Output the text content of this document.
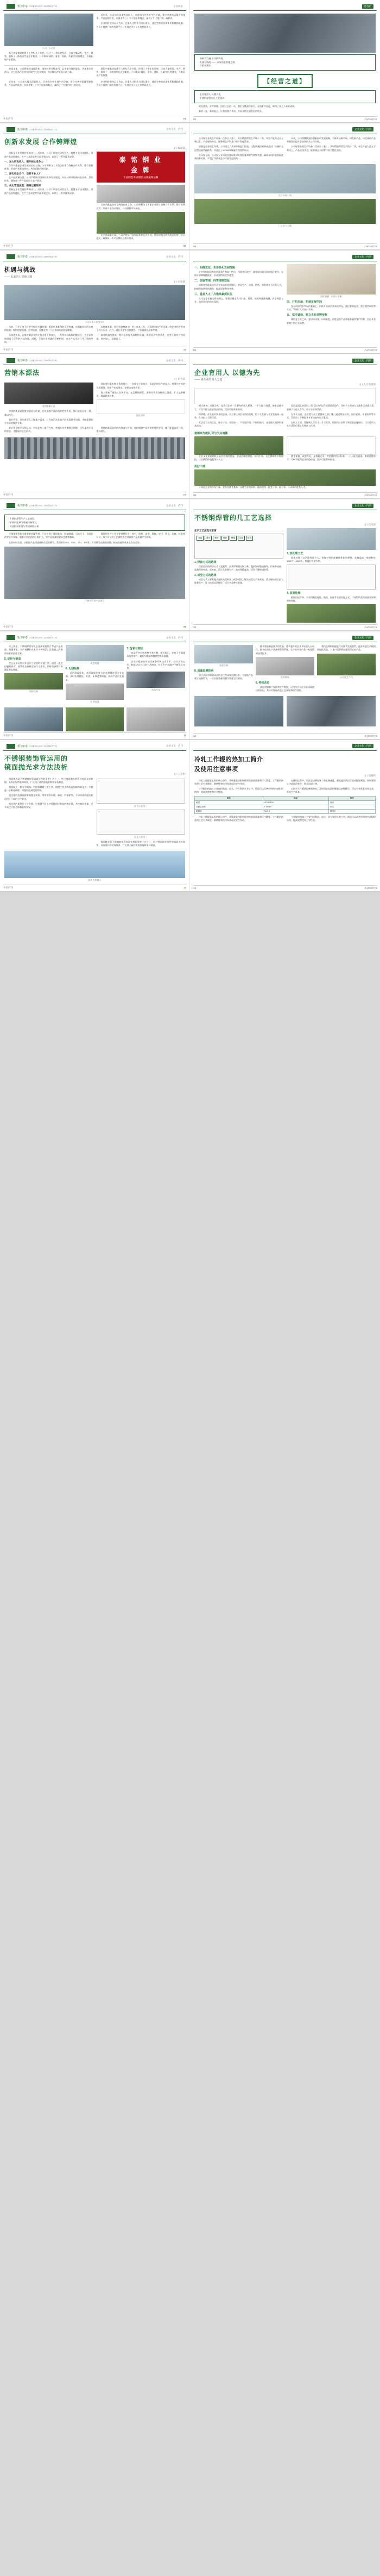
浙江中泰 ZHEJIANG ZHONGTAI	企业风采
公司厂区全景

浙江中泰集团始建于上世纪九十年代，经过二十余年的发展，已成为集研发、生产、销售、服务于一体的现代化企业集团。公司秉承“诚信、务实、创新、共赢”的经营理念，不断拓展产业版图。

近年来，公司加大技术改造投入，引进国内外先进生产设备，建立完善的质量管理体系，产品远销欧美、东南亚等三十多个国家和地区，赢得了广大客户的一致好评。

企业始终坚持以人为本，注重人才培养与团队建设，通过完善的培训体系和激励机制，为员工提供广阔的发展平台，实现企业与员工的共同成长。

展望未来，公司将继续深化改革，加快转型升级步伐，以更加开放的姿态、更加务实的作风，全力打造行业领先的现代化企业集团，为区域经济发展贡献力量。

浙江中泰集团始建于上世纪九十年代，经过二十余年的发展，已成为集研发、生产、销售、服务于一体的现代化企业集团。公司秉承“诚信、务实、创新、共赢”的经营理念，不断拓展产业版图。

近年来，公司加大技术改造投入，引进国内外先进生产设备，建立完善的质量管理体系，产品远销欧美、东南亚等三十多个国家和地区，赢得了广大客户的一致好评。

企业始终坚持以人为本，注重人才培养与团队建设，通过完善的培训体系和激励机制，为员工提供广阔的发展平台，实现企业与员工的共同成长。

中泰内刊	01
卷首语
· 创新求发展 合作铸辉煌
· 机遇与挑战 —— 未来的七彩地之路
· 营销本源法
【经营之道】
· 企业育用人 以德为先
· 不锈钢焊管的几工艺选择

时光荏苒，岁月如梭。回首过去的一年，我们在挑战中前行，在困难中奋进，取得了来之不易的成绩。

新的一年，新的起点。让我们携手并肩，共同开创更加美好的明天。

02	ZHONGTAI
浙江中泰 ZHEJIANG ZHONGTAI	企业文化 · 内刊
创新求发展 合作铸辉煌
文 / 编辑部

创新是企业发展的不竭动力。近年来，公司不断加大研发投入，组建专业技术团队，围绕产品结构优化、生产工艺改进等方面开展攻关，取得了一系列技术成果。

一、加大研发投入，提升核心竞争力

合作共赢是企业发展的必由之路。公司积极与上下游企业建立战略合作关系，整合资源优势，形成产业联动效应，共同抵御市场风险。

二、深化校企合作，培育专业人才

在产品质量方面，公司严格执行国家标准和行业规范，从原材料采购到成品出库，层层把关，确保每一件产品都符合客户要求。

三、优化管理流程，提高运营效率

创新是企业发展的不竭动力。近年来，公司不断加大研发投入，组建专业技术团队，围绕产品结构优化、生产工艺改进等方面开展攻关，取得了一系列技术成果。

泰 铭 钢 业
金 牌
专业制造不锈钢管 品质赢得信赖

合作共赢是企业发展的必由之路。公司积极与上下游企业建立战略合作关系，整合资源优势，形成产业联动效应，共同抵御市场风险。

在产品质量方面，公司严格执行国家标准和行业规范，从原材料采购到成品出库，层层把关，确保每一件产品都符合客户要求。

中泰内刊	03
企业文化 · 内刊

公司现有各类生产设备二百余台（套），其中精密焊管生产线十二条，年生产能力达五万吨以上，产品规格齐全，能够满足不同客户的个性化需求。

质量是企业的生命线。公司建立了从原材料进厂检验、过程质量控制到成品出厂检测的全过程质量管理体系，并通过了ISO9001质量管理体系认证。

在环保方面，公司投入专项资金建设废水处理设施和废气收集装置，确保各项排放指标达到国家标准，实现了经济效益与环境效益的统一。

未来，公司将继续坚持创新驱动发展战略，不断开拓新市场、研发新产品，以优质的产品和服务回报社会各界的关心与支持。

公司现有各类生产设备二百余台（套），其中精密焊管生产线十二条，年生产能力达五万吨以上，产品规格齐全，能够满足不同客户的个性化需求。

生产车间一角
厂区办公大楼
04	ZHONGTAI
浙江中泰 ZHEJIANG ZHONGTAI	企业文化 · 内刊
机遇与挑战
—— 未来的七彩地之路
文 / 市场部
公司负责人接受采访

当前，行业正处于转型升级的关键时期，既面临着难得的发展机遇，也面临着前所未有的挑战。如何把握机遇、应对挑战，是摆在每一个企业面前的重要课题。

从机遇来看，国家对制造业的支持力度不断加大，一系列扶持政策相继出台，为企业发展创造了良好的外部环境。同时，下游应用领域的不断拓展，也为产品市场打开了新的空间。

从挑战来看，原材料价格波动、用工成本上升、环保要求趋严等因素，给企业经营带来了较大压力。此外，同行业竞争日趋激烈，产品同质化现象严重。

面对机遇与挑战，我们必须保持清醒的头脑，既要看到有利条件，也要正视存在的困难，坚定信心，迎难而上。

中泰内刊	05
企业文化 · 内刊
一、明确定位，走差异化发展道路

企业要根据自身的资源条件和能力特点，找准市场定位，避免盲目跟风和同质化竞争，在细分领域做精做专，形成独特的竞争优势。

二、加强管理，向管理要效益

精细化管理是提升企业效益的重要途径。要从生产、采购、销售、财务等各个环节入手，挖掘降本增效的潜力，提高资源利用效率。

三、重视人才，打造高素质队伍

人才是企业最宝贵的财富。要建立健全人才引进、培养、使用和激励机制，营造尊重人才、崇尚创新的良好氛围。

国际象棋 · 布局与谋略
四、开拓市场，拓展发展空间

要在巩固现有市场的基础上，积极开拓国内外新兴市场，通过参加展会、建立销售网络等方式，不断扩大市场占有率。

五、坚守诚信，树立良好品牌形象

诚信是立业之本。要以诚待客、以质取胜，用优质的产品和服务赢得客户信赖，打造具有影响力的行业品牌。

06	ZHONGTAI
浙江中泰 ZHEJIANG ZHONGTAI	企业文化 · 内刊
营销本源法
文 / 销售部
营销策略示意

营销的本质是价值的创造与传递。任何脱离产品价值的营销手段，都只能是昙花一现，难以持久。

做好营销，首先要深入了解客户需求。只有真正站在客户的角度思考问题，才能提供切合实际的解决方案。

其次要注重长期关系的建立。一次成交不是终点，而是长期合作的起点。要通过持续的优质服务，把客户变成朋友，把朋友变成伙伴。

第三要善于借助工具和平台。在互联网时代，要充分利用各种线上渠道，扩大品牌曝光，提高获客效率。

团队协作

最后要不断学习和总结。市场在变，客户在变，营销方法也要随之调整。只有保持学习的状态，才能始终走在前列。

营销的本质是价值的创造与传递。任何脱离产品价值的营销手段，都只能是昙花一现，难以持久。

中泰内刊	07
企业文化 · 内刊
企业育用人 以德为先
—— 谈企业的用人之道
文 / 人力资源部

德才兼备、以德为先，是我们企业一贯坚持的用人标准。一个人能力再强，如果品德有亏，不仅不能为企业创造价值，反而可能带来损害。

所谓德，首先是对事业的忠诚。员工要认同企业的价值观，把个人发展与企业发展统一起来，在岗位上尽职尽责。

其次是为人的正直。诚实守信、表里如一，不弄虚作假、不投机取巧，这是做人做事的基本底线。

再次是团队的意识。现代企业的运作依靠团队协作，任何个人英雄主义都难以成就大事。要善于与他人合作，乐于分享和帮助。

在育人方面，企业要为员工提供成长的土壤。通过师徒结对、岗位轮换、专题培训等方式，帮助员工不断提升专业技能和综合素质。

在用人方面，要做到人尽其才、才尽其用。根据员工的特长和意愿安排岗位，让合适的人在合适的位置上发挥最大作用。

道德观与团队 可与天共道德

企业文化建设的核心是价值观的塑造。要通过制度规范、榜样引领、文化熏陶等多种途径，让正确的价值观深入人心。

德才兼备、以德为先，是我们企业一贯坚持的用人标准。一个人能力再强，如果品德有亏，不仅不能为企业创造价值，反而可能带来损害。

用好干部

干部是企业的中坚力量。要坚持德才兼备、以德为先的原则，选拔使用一批想干事、能干事、干成事的优秀人才。

08	ZHONGTAI
浙江中泰 ZHEJIANG ZHONGTAI	企业文化 · 内刊
· 不锈钢焊管生产工艺流程
· 原材料选择与质量控制要点
· 成品检验标准与常见缺陷分析

不锈钢焊管作为重要的金属管材，广泛应用于建筑装饰、机械制造、石油化工、食品医药等众多领域。随着应用范围的不断扩大，对产品质量的要求也越来越高。

焊管的生产工艺主要包括开卷、校平、纵剪、成型、焊接、定径、矫直、切断、检验等环节。每个环节的工艺参数都会对最终产品质量产生影响。

在原材料方面，应根据产品用途选择合适的牌号。常用的有304、316L、201、430等，不同牌号在耐腐蚀性、机械性能和成本上存在差异。

不锈钢管材产品展示
中泰内刊	09
企业文化 · 内刊
不锈钢焊管的几工艺选择
文 / 技术部
生产工艺流程示意图
开卷	校平	纵剪	成型	焊接	定径	检验
1. 焊接方式的选择

目前常用的焊接方式有氩弧焊、高频焊和激光焊三种。氩弧焊焊缝质量好，但效率较低；高频焊效率高、成本低，适合大批量生产；激光焊精度高，适用于薄壁精密管。

2. 成型方式的选择

成型方式主要有辊式连续成型和压力成型两类。辊式成型生产效率高，适合规格固定的大批量生产；压力成型灵活性好，适合多品种小批量。

3. 热处理工艺

固溶处理可以消除焊接应力，恢复材料的耐腐蚀性能和塑性。处理温度一般控制在1050℃～1120℃，保温后快速冷却。

4. 表面处理

根据用途不同，可采用酸洗钝化、抛光、拉丝等表面处理方式，以获得所需的表面效果和耐蚀性能。

10	ZHONGTAI
浙江中泰 ZHEJIANG ZHONGTAI	企业文化 · 内刊

综上所述，不锈钢焊管的工艺选择需要综合考虑产品用途、质量要求、生产规模和成本等多种因素，没有放之四海而皆准的最优方案。

5. 定径与矫直

定径是保证管材外径尺寸精度的关键工序。通过一组定径辊的挤压，使管坯达到规定的尺寸要求，同时改善管材的圆度和直线度。

焊接设备
成型机组
6. 无损检测

采用涡流探伤、超声波探伤等方法对焊缝进行全长检测，及时发现裂纹、夹渣、未焊透等缺陷，确保产品内在质量。

检测仪器
7. 包装与储运

成品管材应按规格分类打捆，做好标识，存放于干燥通风的库房内，避免与酸碱等腐蚀性物质接触。

企业应根据自身的设备条件和技术水平，结合市场定位，制定切实可行的工艺路线，并在生产实践中不断优化完善。

成品库区
中泰内刊	11
企业文化 · 内刊
货架存储
8. 质量追溯体系

建立从原材料到成品的全过程质量追溯体系，为每批产品建立质量档案，一旦出现质量问题可快速定位原因。

随着智能制造技术的发展，越来越多的企业开始引入自动化、数字化的生产装备和管理系统，生产效率和产品一致性得到显著提升。

管材堆场
9. 持续改进

通过收集客户反馈和生产数据，运用统计方法分析质量波动的原因，有针对性地改进工艺参数和操作规程。

我们也将积极跟进行业技术发展趋势，逐步推进生产线的智能化改造，为客户提供更加优质稳定的产品。

自动化生产线
12	ZHONGTAI
浙江中泰 ZHEJIANG ZHONGTAI	企业文化 · 内刊
不锈钢装饰管运用的
镜面抛光求方法浅析
文 / 工艺组

镜面抛光是不锈钢装饰管表面处理的重要工艺之一，经过镜面抛光的管材表面光亮如镜，具有很好的装饰效果，广泛用于高档建筑装饰和家具制造。

镜面抛光一般分为粗抛、中抛和精抛三道工序。粗抛主要去除表面划痕和氧化皮；中抛进一步细化纹理；精抛则达到镜面效果。

抛光轮的选择直接影响抛光效果。常用的有布轮、麻轮、纤维轮等，不同材质的抛光轮适用于不同的工序阶段。

抛光膏的使用也十分关键。应根据不同工序选择相应粒度的抛光膏，并控制好用量，过多或过少都会影响最终效果。	抛光示意图一
抛光示意图二

镜面抛光是不锈钢装饰管表面处理的重要工艺之一，经过镜面抛光的管材表面光亮如镜，具有很好的装饰效果，广泛用于高档建筑装饰和家具制造。

镜面效果展示
中泰内刊	13
企业文化 · 内刊
冷轧工作辊的热加工简介
及使用注意事项
文 / 设备科

冷轧工作辊是轧机的核心部件，其质量直接影响板材的表面质量和尺寸精度。工作辊的热处理工艺对其硬度、耐磨性和使用寿命起决定性作用。

工作辊的热加工主要包括锻造、退火、淬火和回火等工序。锻造可以改善材料的内部组织结构，提高致密度和力学性能。

在使用过程中，应注意控制轧制力和轧制速度，避免超负荷运行造成辊面剥落。同时要保证冷却润滑充分，防止局部过热。

定期对工作辊进行磨削修复，及时清除表面的微裂纹和硬化层，可以有效延长使用寿命，降低生产成本。

项目	指标	备注
硬度	HS 90-100	表面
淬硬层深度	≥ 15mm	单边
粗糙度	Ra 0.4	磨削后

冷轧工作辊是轧机的核心部件，其质量直接影响板材的表面质量和尺寸精度。工作辊的热处理工艺对其硬度、耐磨性和使用寿命起决定性作用。

工作辊的热加工主要包括锻造、退火、淬火和回火等工序。锻造可以改善材料的内部组织结构，提高致密度和力学性能。

14	ZHONGTAI
